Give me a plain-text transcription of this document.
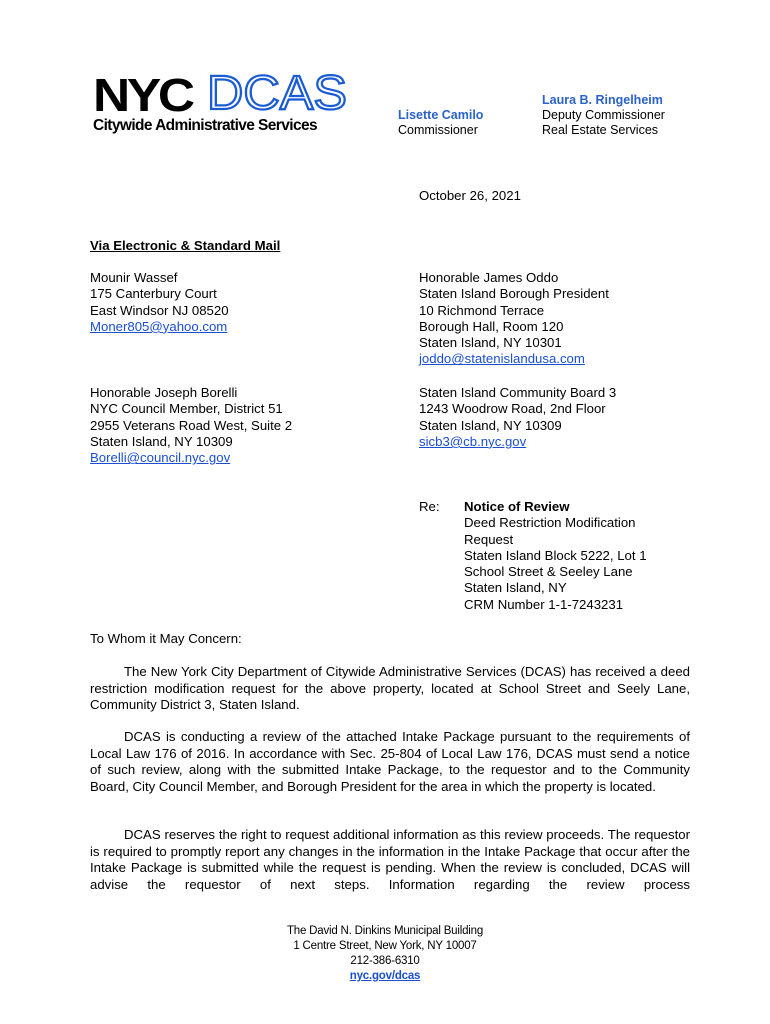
NYC DCAS
Citywide Administrative Services
Lisette Camilo
Commissioner
Laura B. Ringelheim
Deputy Commissioner
Real Estate Services
October 26, 2021
Via Electronic & Standard Mail
Mounir Wassef
175 Canterbury Court
East Windsor NJ 08520
Moner805@yahoo.com
Honorable James Oddo
Staten Island Borough President
10 Richmond Terrace
Borough Hall, Room 120
Staten Island, NY 10301
joddo@statenislandusa.com
Honorable Joseph Borelli
NYC Council Member, District 51
2955 Veterans Road West, Suite 2
Staten Island, NY 10309
Borelli@council.nyc.gov
Staten Island Community Board 3
1243 Woodrow Road, 2nd Floor
Staten Island, NY 10309
sicb3@cb.nyc.gov
Re: Notice of Review
Deed Restriction Modification
Request
Staten Island Block 5222, Lot 1
School Street & Seeley Lane
Staten Island, NY
CRM Number 1-1-7243231
To Whom it May Concern:
The New York City Department of Citywide Administrative Services (DCAS) has received a deed restriction modification request for the above property, located at School Street and Seely Lane, Community District 3, Staten Island.
DCAS is conducting a review of the attached Intake Package pursuant to the requirements of Local Law 176 of 2016. In accordance with Sec. 25-804 of Local Law 176, DCAS must send a notice of such review, along with the submitted Intake Package, to the requestor and to the Community Board, City Council Member, and Borough President for the area in which the property is located.
DCAS reserves the right to request additional information as this review proceeds. The requestor is required to promptly report any changes in the information in the Intake Package that occur after the Intake Package is submitted while the request is pending. When the review is concluded, DCAS will advise the requestor of next steps. Information regarding the review process
The David N. Dinkins Municipal Building
1 Centre Street, New York, NY 10007
212-386-6310
nyc.gov/dcas
